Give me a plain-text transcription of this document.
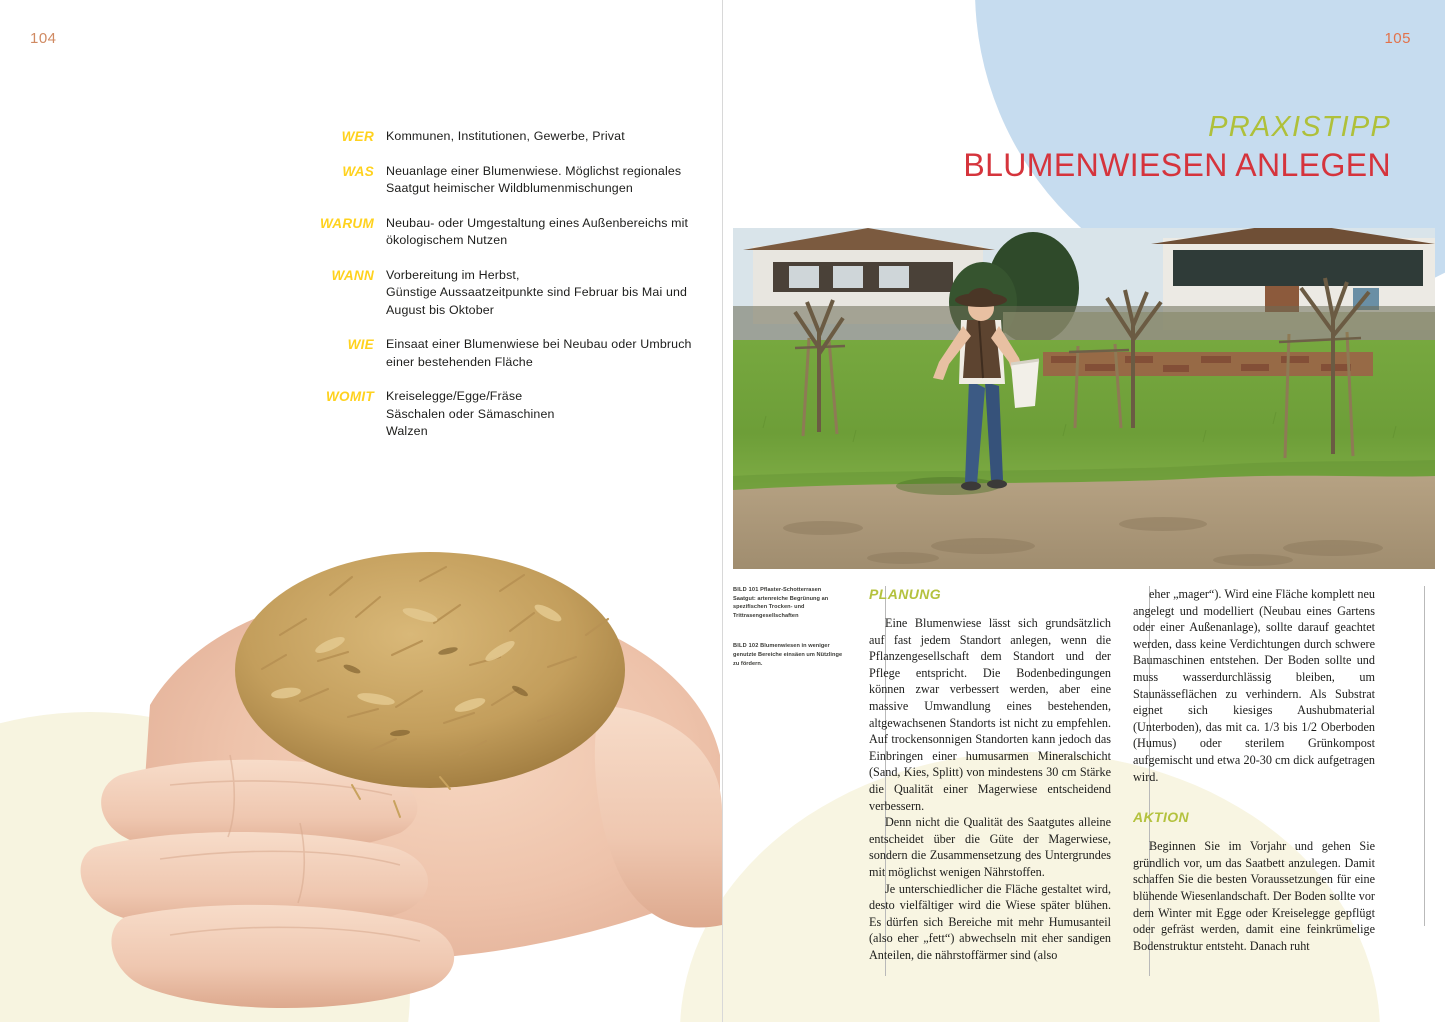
104	105
WER Kommunen, Institutionen, Gewerbe, Privat
WAS Neuanlage einer Blumenwiese. Möglichst regionales
Saatgut heimischer Wildblumenmischungen
WARUM Neubau- oder Umgestaltung eines Außenbereichs mit
ökologischem Nutzen
WANN Vorbereitung im Herbst,
Günstige Aussaatzeitpunkte sind Februar bis Mai und
August bis Oktober
WIE Einsaat einer Blumenwiese bei Neubau oder Umbruch
einer bestehenden Fläche
WOMIT Kreiselegge/Egge/Fräse
Säschalen oder Sämaschinen
Walzen
PRAXISTIPP
BLUMENWIESEN ANLEGEN
BILD 101 Pflaster-Schotterrasen Saatgut: artenreiche Begrünung an spezifischen Trocken- und Trittrasengesellschaften
BILD 102 Blumenwiesen in weniger genutzte Bereiche einsäen um Nützlinge zu fördern.
PLANUNG

Eine Blumenwiese lässt sich grundsätzlich auf fast jedem Standort anlegen, wenn die Pflanzengesellschaft dem Standort und der Pflege entspricht. Die Bodenbedingungen können zwar verbessert werden, aber eine massive Umwandlung eines bestehenden, altgewachsenen Standorts ist nicht zu empfehlen. Auf trockensonnigen Standorten kann jedoch das Einbringen einer humusarmen Mineralschicht (Sand, Kies, Splitt) von mindestens 30 cm Stärke die Qualität einer Magerwiese entscheidend verbessern.

Denn nicht die Qualität des Saatgutes alleine entscheidet über die Güte der Magerwiese, sondern die Zusammensetzung des Untergrundes mit möglichst wenigen Nährstoffen.

Je unterschiedlicher die Fläche gestaltet wird, desto vielfältiger wird die Wiese später blühen. Es dürfen sich Bereiche mit mehr Humusanteil (also eher „fett“) abwechseln mit eher sandigen Anteilen, die nährstoffärmer sind (also

eher „mager“). Wird eine Fläche komplett neu angelegt und modelliert (Neubau eines Gartens oder einer Außenanlage), sollte darauf geachtet werden, dass keine Verdichtungen durch schwere Baumaschinen entstehen. Der Boden sollte und muss wasserdurchlässig bleiben, um Staunässeflächen zu verhindern. Als Substrat eignet sich kiesiges Aushubmaterial (Unterboden), das mit ca. 1/3 bis 1/2 Oberboden (Humus) oder sterilem Grünkompost aufgemischt und etwa 20-30 cm dick aufgetragen wird.

AKTION

Beginnen Sie im Vorjahr und gehen Sie gründlich vor, um das Saatbett anzulegen. Damit schaffen Sie die besten Voraussetzungen für eine blühende Wiesenlandschaft. Der Boden sollte vor dem Winter mit Egge oder Kreiselegge gepflügt oder gefräst werden, damit eine feinkrümelige Bodenstruktur entsteht. Danach ruht
